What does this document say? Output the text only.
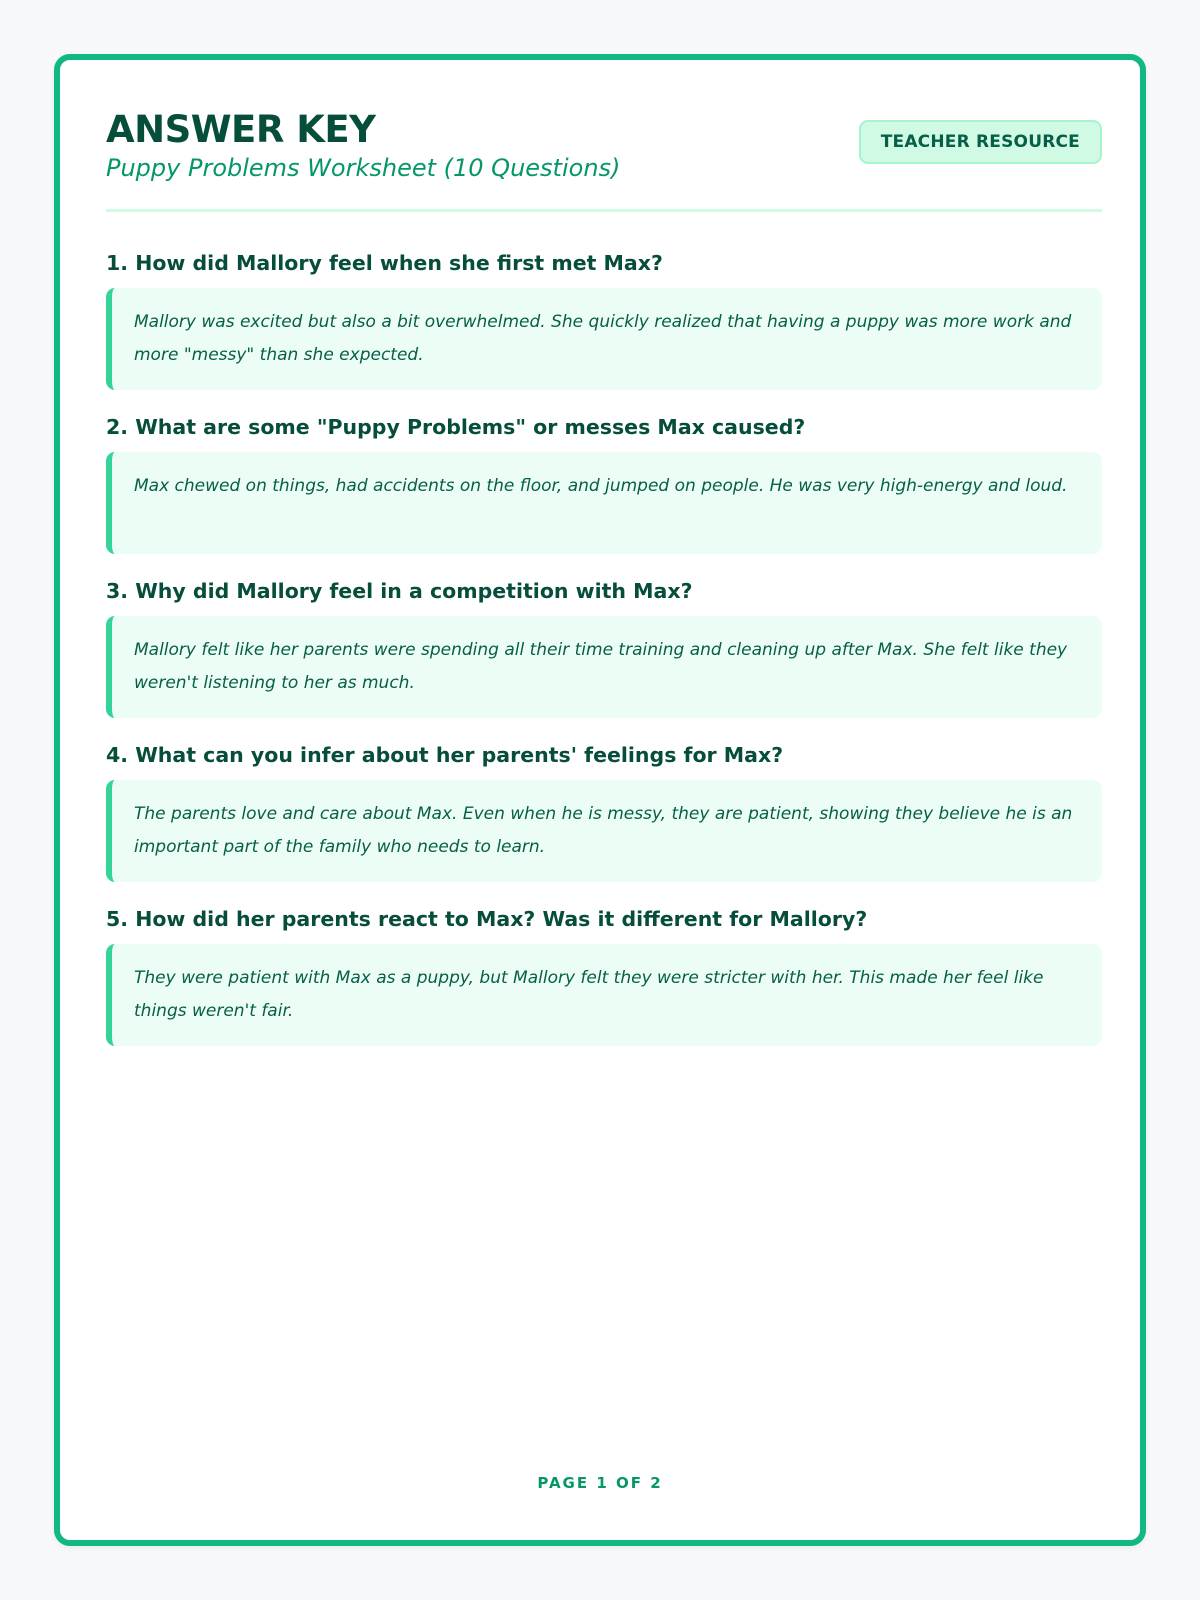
ANSWER KEY
Puppy Problems Worksheet (10 Questions)
TEACHER RESOURCE
1. How did Mallory feel when she first met Max?
Mallory was excited but also a bit overwhelmed. She quickly realized that having a puppy was more work and more "messy" than she expected.
2. What are some "Puppy Problems" or messes Max caused?
Max chewed on things, had accidents on the floor, and jumped on people. He was very high-energy and loud.
3. Why did Mallory feel in a competition with Max?
Mallory felt like her parents were spending all their time training and cleaning up after Max. She felt like they weren't listening to her as much.
4. What can you infer about her parents' feelings for Max?
The parents love and care about Max. Even when he is messy, they are patient, showing they believe he is an important part of the family who needs to learn.
5. How did her parents react to Max? Was it different for Mallory?
They were patient with Max as a puppy, but Mallory felt they were stricter with her. This made her feel like things weren't fair.
PAGE 1 OF 2
